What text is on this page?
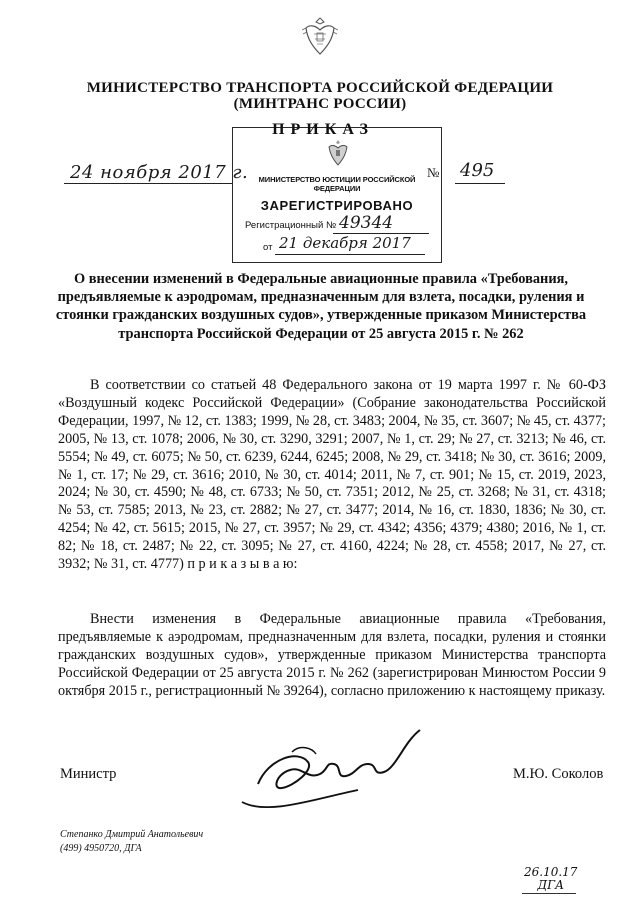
МИНИСТЕРСТВО ТРАНСПОРТА РОССИЙСКОЙ ФЕДЕРАЦИИ
(МИНТРАНС РОССИИ)
МИНИСТЕРСТВО ЮСТИЦИИ РОССИЙСКОЙ ФЕДЕРАЦИИ
ЗАРЕГИСТРИРОВАНО
Регистрационный № 49344
от 21 декабря 2017
ПРИКАЗ
24 ноября 2017 г.	№ 495
О внесении изменений в Федеральные авиационные правила «Требования, предъявляемые к аэродромам, предназначенным для взлета, посадки, руления и стоянки гражданских воздушных судов», утвержденные приказом Министерства транспорта Российской Федерации от 25 августа 2015 г. № 262
В соответствии со статьей 48 Федерального закона от 19 марта 1997 г. № 60-ФЗ «Воздушный кодекс Российской Федерации» (Собрание законодательства Российской Федерации, 1997, № 12, ст. 1383; 1999, № 28, ст. 3483; 2004, № 35, ст. 3607; № 45, ст. 4377; 2005, № 13, ст. 1078; 2006, № 30, ст. 3290, 3291; 2007, № 1, ст. 29; № 27, ст. 3213; № 46, ст. 5554; № 49, ст. 6075; № 50, ст. 6239, 6244, 6245; 2008, № 29, ст. 3418; № 30, ст. 3616; 2009, № 1, ст. 17; № 29, ст. 3616; 2010, № 30, ст. 4014; 2011, № 7, ст. 901; № 15, ст. 2019, 2023, 2024; № 30, ст. 4590; № 48, ст. 6733; № 50, ст. 7351; 2012, № 25, ст. 3268; № 31, ст. 4318; № 53, ст. 7585; 2013, № 23, ст. 2882; № 27, ст. 3477; 2014, № 16, ст. 1830, 1836; № 30, ст. 4254; № 42, ст. 5615; 2015, № 27, ст. 3957; № 29, ст. 4342; 4356; 4379; 4380; 2016, № 1, ст. 82; № 18, ст. 2487; № 22, ст. 3095; № 27, ст. 4160, 4224; № 28, ст. 4558; 2017, № 27, ст. 3932; № 31, ст. 4777) п р и к а з ы в а ю:
Внести изменения в Федеральные авиационные правила «Требования, предъявляемые к аэродромам, предназначенным для взлета, посадки, руления и стоянки гражданских воздушных судов», утвержденные приказом Министерства транспорта Российской Федерации от 25 августа 2015 г. № 262 (зарегистрирован Минюстом России 9 октября 2015 г., регистрационный № 39264), согласно приложению к настоящему приказу.
Министр	М.Ю. Соколов
Степанко Дмитрий Анатольевич
(499) 4950720, ДГА
26.10.17
ДГА
